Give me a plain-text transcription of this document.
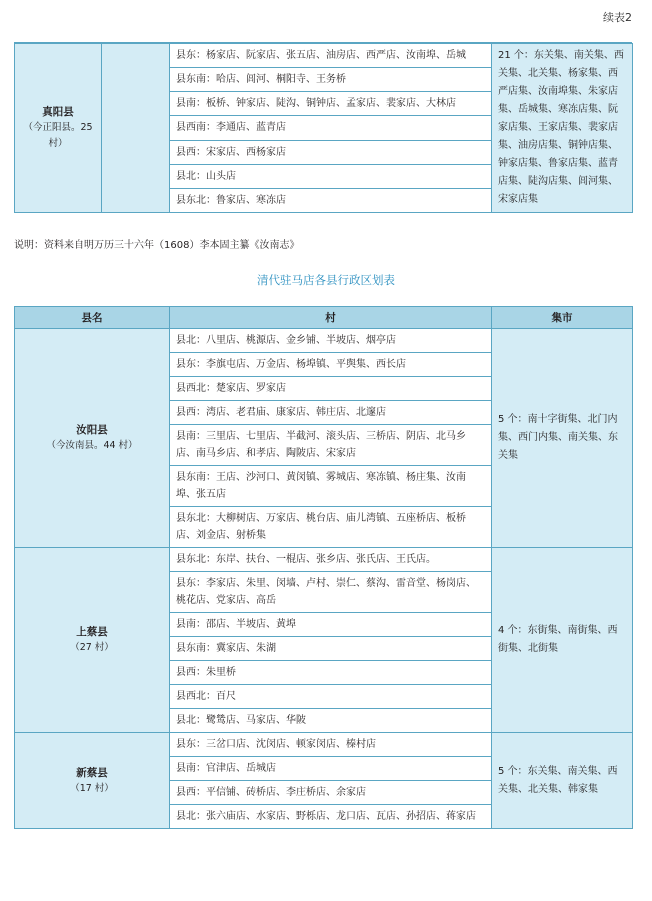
续表2
真阳县
（今正阳县。25 村）
		县东：杨家店、阮家店、张五店、油房店、西严店、汝南埠、岳城	21 个：东关集、南关集、西关集、北关集、杨家集、西严店集、汝南埠集、朱家店集、岳城集、寒冻店集、阮家店集、王家店集、裴家店集、油房店集、铜钟店集、钟家店集、鲁家店集、蓝青店集、陡沟店集、闾河集、宋家店集
县东南：哈店、闾河、桐阳寺、王务桥
县南：板桥、钟家店、陡沟、铜钟店、孟家店、裴家店、大林店
县西南：李通店、蓝青店
县西：宋家店、西杨家店
县北：山头店
县东北：鲁家店、寒冻店
说明：资料来自明万历三十六年（1608）李本固主纂《汝南志》
清代驻马店各县行政区划表
县名	村	集市

汝阳县
（今汝南县。44 村）	县北：八里店、桃源店、金乡铺、半坡店、烟亭店	5 个：南十字街集、北门内集、西门内集、南关集、东关集
	县东：李旗屯店、万金店、杨埠镇、平舆集、西长店	
	县西北：楚家店、罗家店	
	县西：湾店、老君庙、康家店、韩庄店、北邃店	
	县南：三里店、七里店、半截河、滚头店、三桥店、阴店、北马乡店、南马乡店、和孝店、陶陂店、宋家店	
	县东南：王店、沙河口、黄闵镇、雾城店、寒冻镇、杨庄集、汝南埠、张五店	
	县东北：大柳树店、万家店、桃台店、庙儿湾镇、五座桥店、板桥店、刘金店、射桥集	

上蔡县
（27 村）	县东北：东岸、扶台、一棍店、张乡店、张氏店、王氏店。	4 个：东街集、南街集、西街集、北街集
	县东：李家店、朱里、闵墙、卢村、崇仁、蔡沟、雷音堂、杨岗店、桃花店、党家店、高岳	
	县南：邵店、半坡店、黄埠	
	县东南：冀家店、朱湖	
	县西：朱里桥	
	县西北：百尺	
	县北：鹭鸶店、马家店、华陂	

新蔡县
（17 村）	县东：三岔口店、沈闵店、顿家闵店、榛村店	5 个：东关集、南关集、西关集、北关集、韩家集
	县南：官津店、岳城店	
	县西：平信铺、砖桥店、李庄桥店、余家店	
	县北：张六庙店、水家店、野栎店、龙口店、瓦店、孙招店、蒋家店	
